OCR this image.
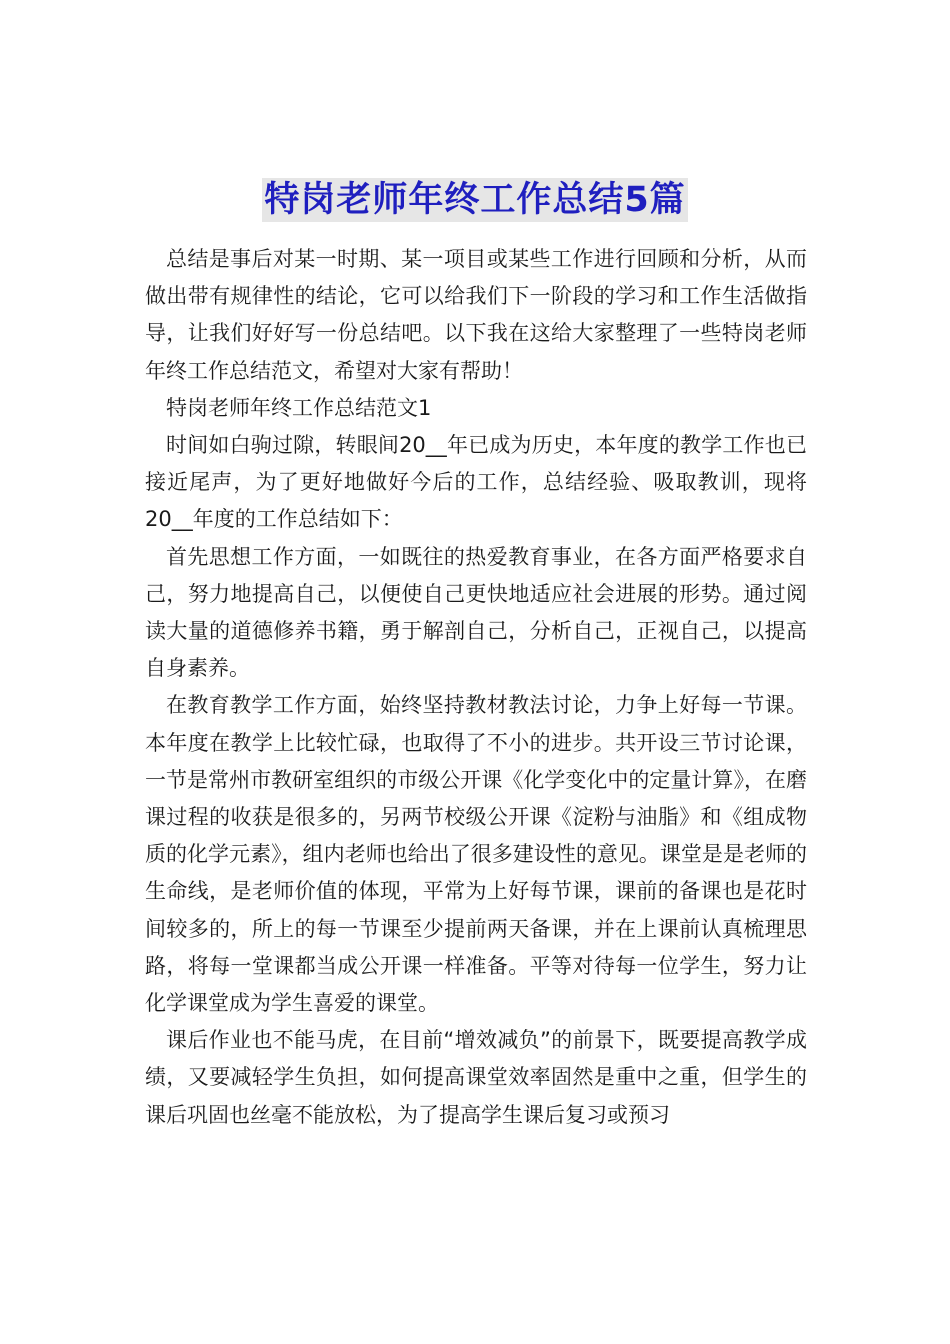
特岗老师年终工作总结5篇

总结是事后对某一时期、某一项目或某些工作进行回顾和分析，从而做出带有规律性的结论，它可以给我们下一阶段的学习和工作生活做指导，让我们好好写一份总结吧。以下我在这给大家整理了一些特岗老师年终工作总结范文，希望对大家有帮助！

特岗老师年终工作总结范文1

时间如白驹过隙，转眼间20__年已成为历史，本年度的教学工作也已接近尾声，为了更好地做好今后的工作，总结经验、吸取教训，现将20__年度的工作总结如下：

首先思想工作方面，一如既往的热爱教育事业，在各方面严格要求自己，努力地提高自己，以便使自己更快地适应社会进展的形势。通过阅读大量的道德修养书籍，勇于解剖自己，分析自己，正视自己，以提高自身素养。

在教育教学工作方面，始终坚持教材教法讨论，力争上好每一节课。本年度在教学上比较忙碌，也取得了不小的进步。共开设三节讨论课，一节是常州市教研室组织的市级公开课《化学变化中的定量计算》，在磨课过程的收获是很多的，另两节校级公开课《淀粉与油脂》和《组成物质的化学元素》，组内老师也给出了很多建设性的意见。课堂是是老师的生命线，是老师价值的体现，平常为上好每节课，课前的备课也是花时间较多的，所上的每一节课至少提前两天备课，并在上课前认真梳理思路，将每一堂课都当成公开课一样准备。平等对待每一位学生，努力让化学课堂成为学生喜爱的课堂。

课后作业也不能马虎，在目前“增效减负”的前景下，既要提高教学成绩，又要减轻学生负担，如何提高课堂效率固然是重中之重，但学生的课后巩固也丝毫不能放松，为了提高学生课后复习或预习
